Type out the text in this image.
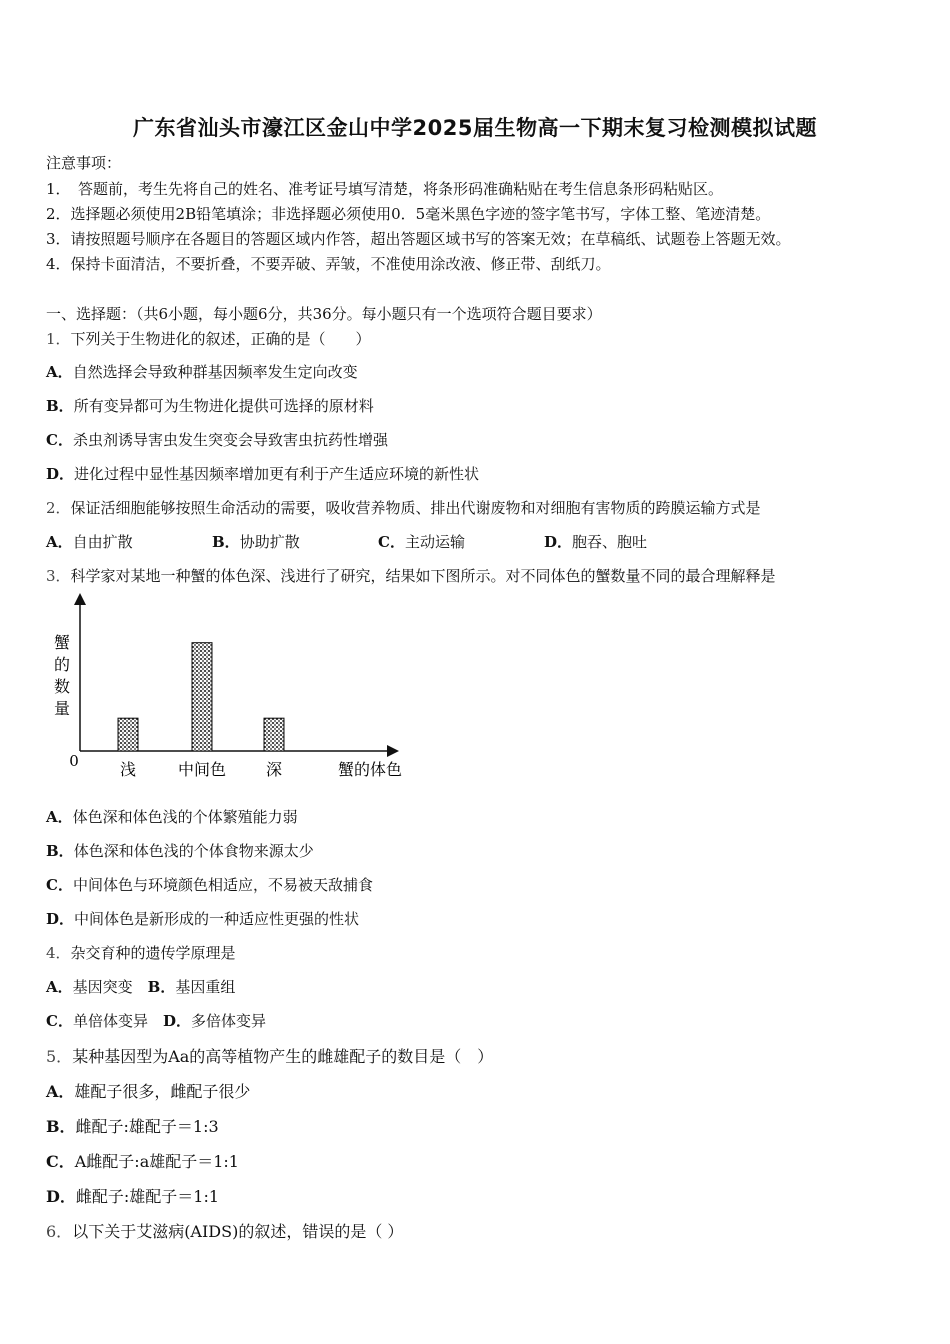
广东省汕头市濠江区金山中学2025届生物高一下期末复习检测模拟试题
注意事项：
1．　答题前，考生先将自己的姓名、准考证号填写清楚，将条形码准确粘贴在考生信息条形码粘贴区。
2．选择题必须使用2B铅笔填涂；非选择题必须使用0．5毫米黑色字迹的签字笔书写，字体工整、笔迹清楚。
3．请按照题号顺序在各题目的答题区域内作答，超出答题区域书写的答案无效；在草稿纸、试题卷上答题无效。
4．保持卡面清洁，不要折叠，不要弄破、弄皱，不准使用涂改液、修正带、刮纸刀。
一、选择题：（共6小题，每小题6分，共36分。每小题只有一个选项符合题目要求）
1．下列关于生物进化的叙述，正确的是（　　）
A．自然选择会导致种群基因频率发生定向改变
B．所有变异都可为生物进化提供可选择的原材料
C．杀虫剂诱导害虫发生突变会导致害虫抗药性增强
D．进化过程中显性基因频率增加更有利于产生适应环境的新性状
2．保证活细胞能够按照生命活动的需要，吸收营养物质、排出代谢废物和对细胞有害物质的跨膜运输方式是
A．自由扩散	B．协助扩散	C．主动运输	D．胞吞、胞吐
3．科学家对某地一种蟹的体色深、浅进行了研究，结果如下图所示。对不同体色的蟹数量不同的最合理解释是
蟹的数量
0	蟹的体色
浅	中间色 深
A．体色深和体色浅的个体繁殖能力弱
B．体色深和体色浅的个体食物来源太少
C．中间体色与环境颜色相适应，不易被天敌捕食
D．中间体色是新形成的一种适应性更强的性状
4．杂交育种的遗传学原理是
A．基因突变　 B．基因重组
C．单倍体变异　 D．多倍体变异
5．某种基因型为Aa的高等植物产生的雌雄配子的数目是（　）
A．雄配子很多，雌配子很少
B．雌配子:雄配子＝1:3
C．A雌配子:a雄配子＝1:1
D．雌配子:雄配子＝1:1
6．以下关于艾滋病(AIDS)的叙述，错误的是（ ）
